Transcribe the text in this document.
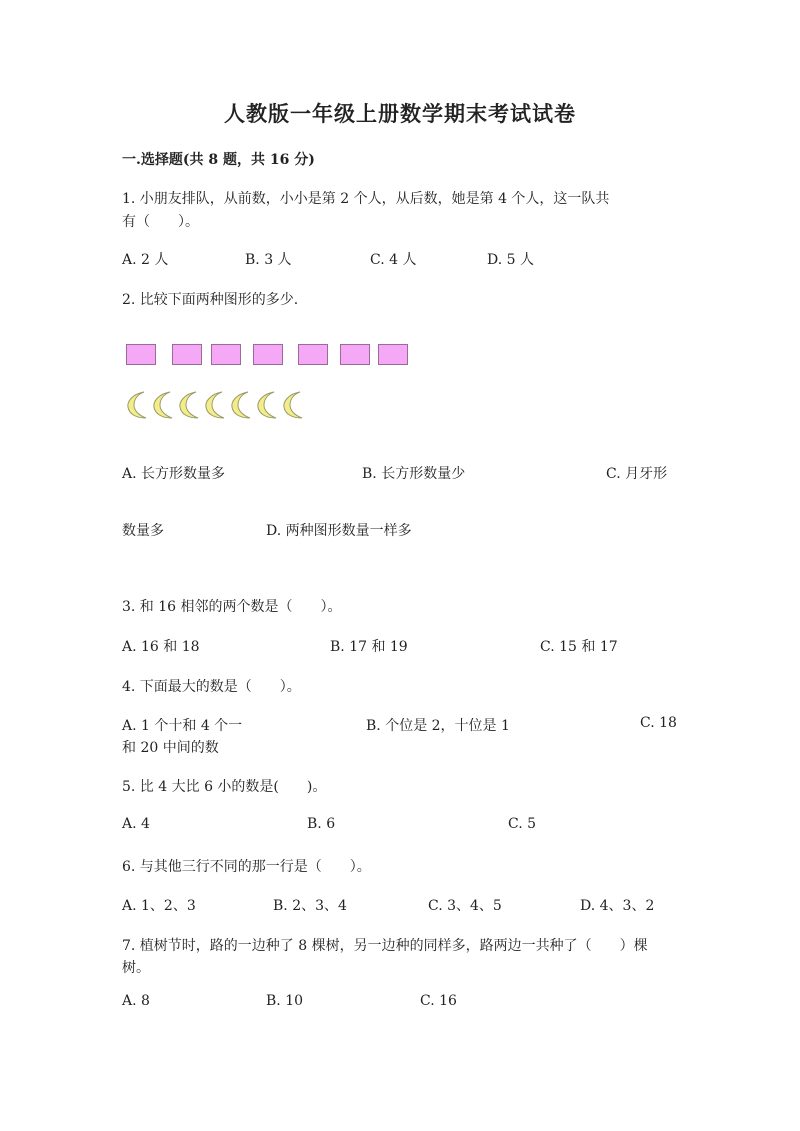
人教版一年级上册数学期末考试试卷
一.选择题(共 8 题，共 16 分)
1. 小朋友排队，从前数，小小是第 2 个人，从后数，她是第 4 个人，这一队共
有（　　）。
A. 2 人	B. 3 人	C. 4 人	D. 5 人
2. 比较下面两种图形的多少.
A. 长方形数量多	B. 长方形数量少	C. 月牙形
数量多	D. 两种图形数量一样多
3. 和 16 相邻的两个数是（　　）。
A. 16 和 18	B. 17 和 19	C. 15 和 17
4. 下面最大的数是（　　）。
A. 1 个十和 4 个一	B. 个位是 2，十位是 1	C. 18
和 20 中间的数
5. 比 4 大比 6 小的数是(　　)。
A. 4	B. 6	C. 5
6. 与其他三行不同的那一行是（　　）。
A. 1、2、3	B. 2、3、4	C. 3、4、5	D. 4、3、2
7. 植树节时，路的一边种了 8 棵树，另一边种的同样多，路两边一共种了（　　）棵
树。
A. 8	B. 10	C. 16
